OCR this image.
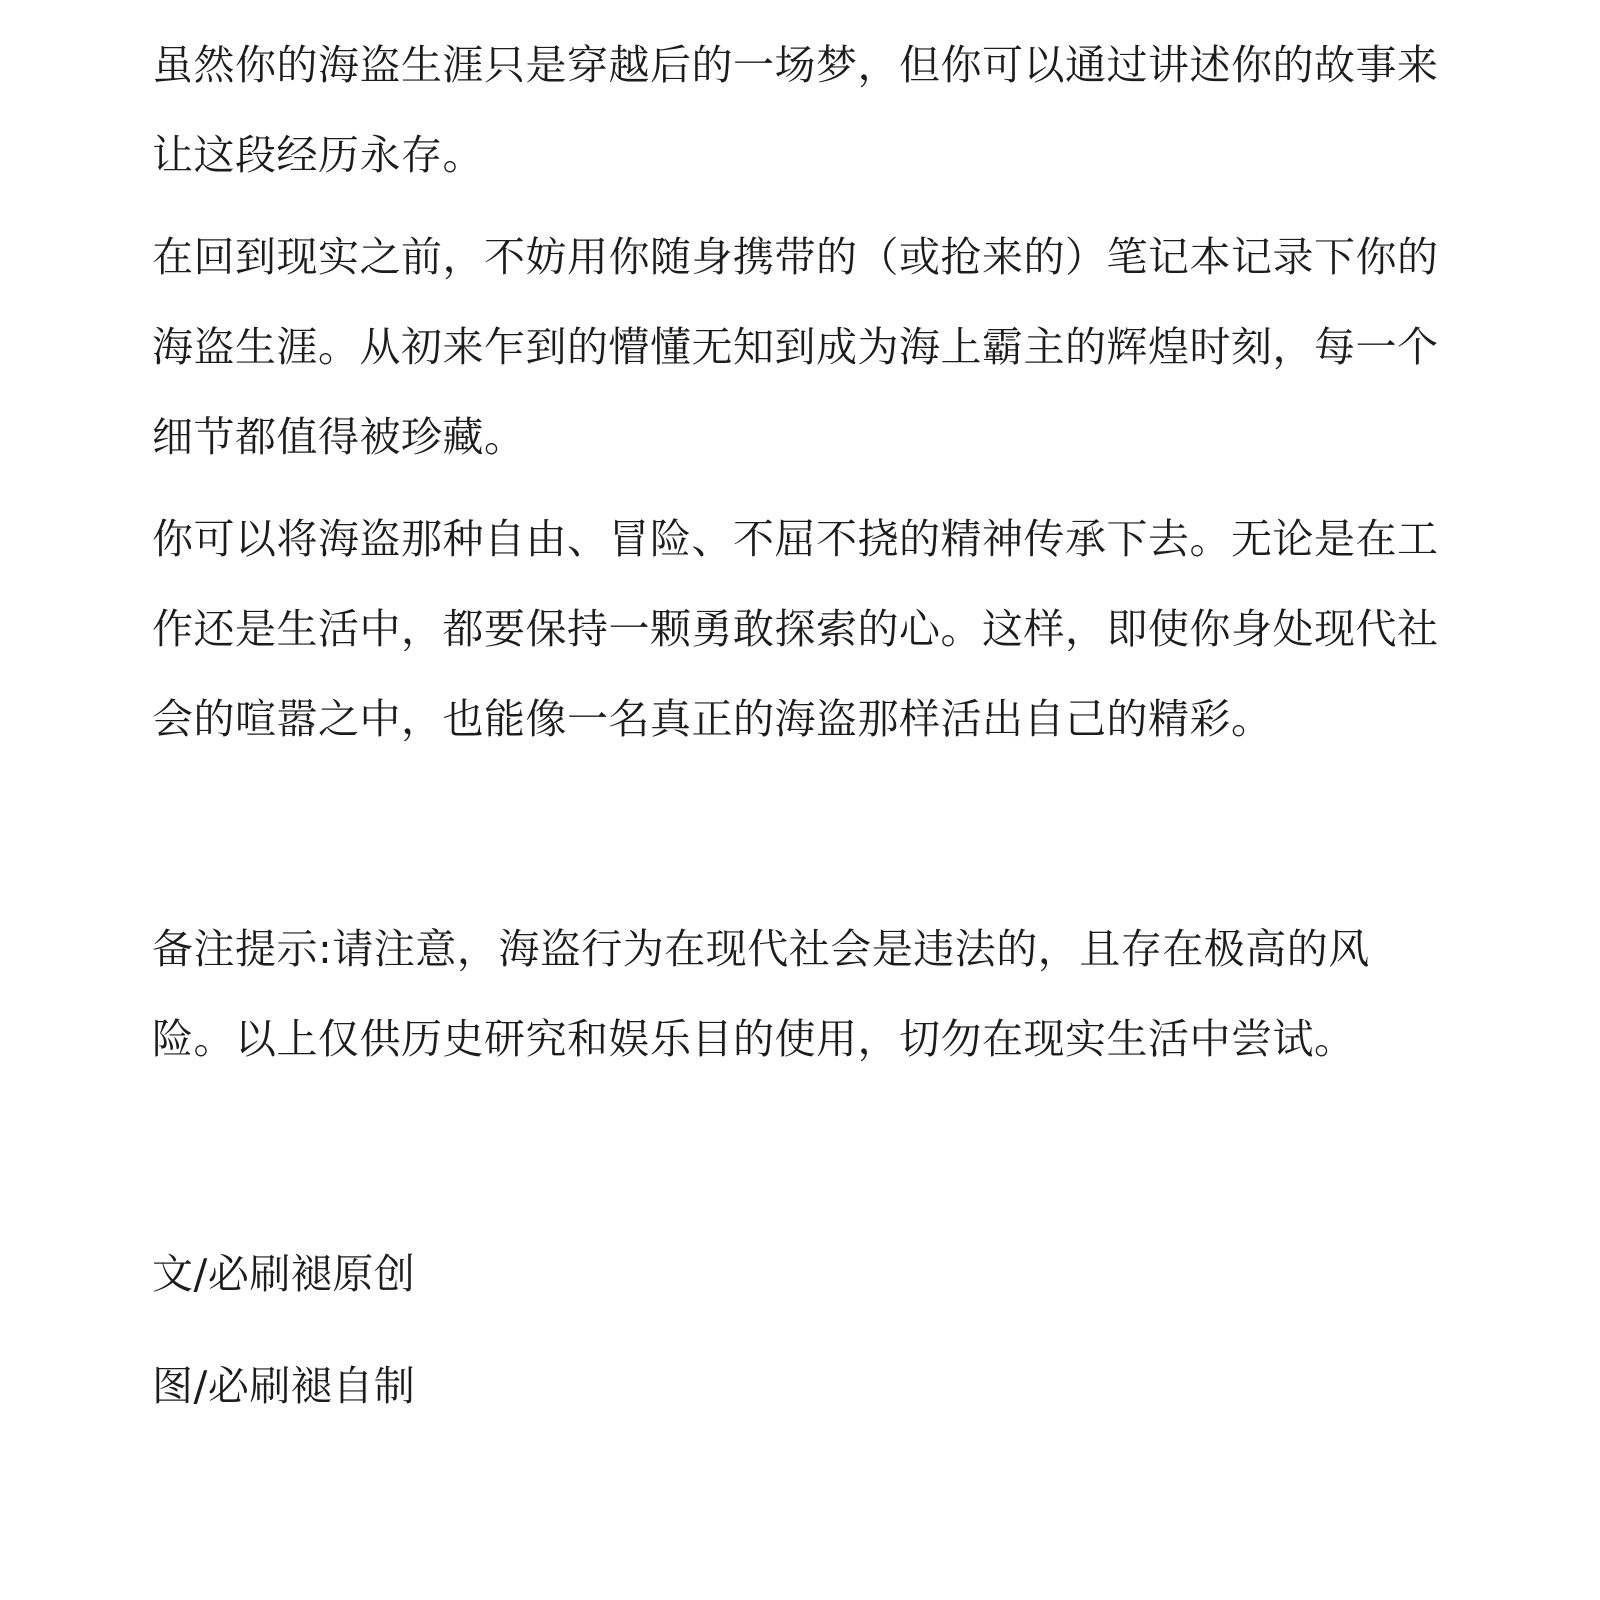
虽然你的海盗生涯只是穿越后的一场梦，但你可以通过讲述你的故事来让这段经历永存。

在回到现实之前，不妨用你随身携带的（或抢来的）笔记本记录下你的海盗生涯。从初来乍到的懵懂无知到成为海上霸主的辉煌时刻，每一个细节都值得被珍藏。

你可以将海盗那种自由、冒险、不屈不挠的精神传承下去。无论是在工作还是生活中，都要保持一颗勇敢探索的心。这样，即使你身处现代社会的喧嚣之中，也能像一名真正的海盗那样活出自己的精彩。

备注提示:请注意，海盗行为在现代社会是违法的，且存在极高的风险。以上仅供历史研究和娱乐目的使用，切勿在现实生活中尝试。

文/必刷褪原创

图/必刷褪自制
